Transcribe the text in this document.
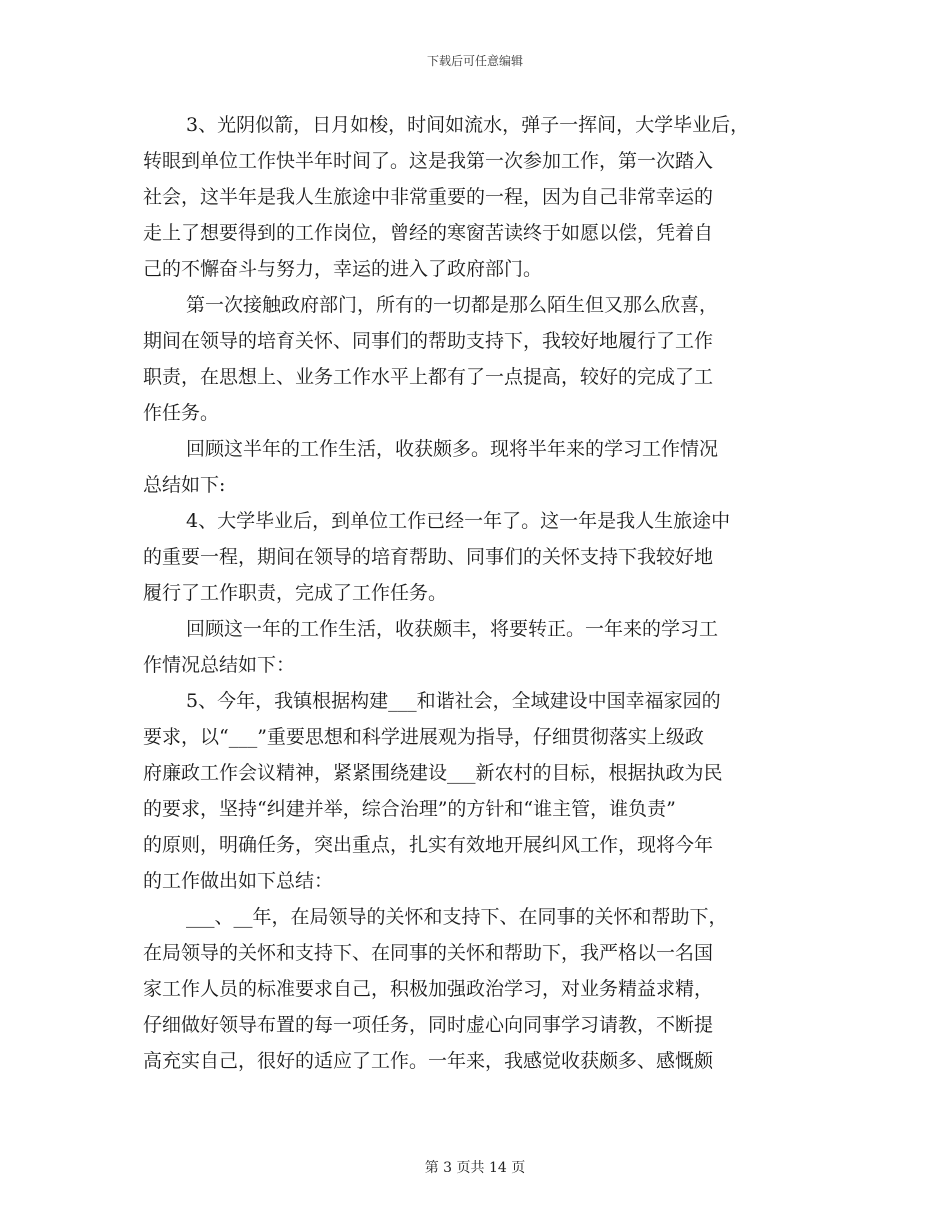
下载后可任意编辑
3、光阴似箭，日月如梭，时间如流水，弹子一挥间，大学毕业后，
转眼到单位工作快半年时间了。这是我第一次参加工作，第一次踏入
社会，这半年是我人生旅途中非常重要的一程，因为自己非常幸运的
走上了想要得到的工作岗位，曾经的寒窗苦读终于如愿以偿，凭着自
己的不懈奋斗与努力，幸运的进入了政府部门。
第一次接触政府部门，所有的一切都是那么陌生但又那么欣喜，
期间在领导的培育关怀、同事们的帮助支持下，我较好地履行了工作
职责，在思想上、业务工作水平上都有了一点提高，较好的完成了工
作任务。
回顾这半年的工作生活，收获颇多。现将半年来的学习工作情况
总结如下:
4、大学毕业后，到单位工作已经一年了。这一年是我人生旅途中
的重要一程，期间在领导的培育帮助、同事们的关怀支持下我较好地
履行了工作职责，完成了工作任务。
回顾这一年的工作生活，收获颇丰，将要转正。一年来的学习工
作情况总结如下：
5、今年，我镇根据构建___和谐社会，全域建设中国幸福家园的
要求，以“___”重要思想和科学进展观为指导，仔细贯彻落实上级政
府廉政工作会议精神，紧紧围绕建设___新农村的目标，根据执政为民
的要求，坚持“纠建并举，综合治理”的方针和“谁主管，谁负责”
的原则，明确任务，突出重点，扎实有效地开展纠风工作，现将今年
的工作做出如下总结：
___、__年，在局领导的关怀和支持下、在同事的关怀和帮助下，
在局领导的关怀和支持下、在同事的关怀和帮助下，我严格以一名国
家工作人员的标准要求自己，积极加强政治学习，对业务精益求精，
仔细做好领导布置的每一项任务，同时虚心向同事学习请教，不断提
高充实自己，很好的适应了工作。一年来，我感觉收获颇多、感慨颇
第 3 页共 14 页
